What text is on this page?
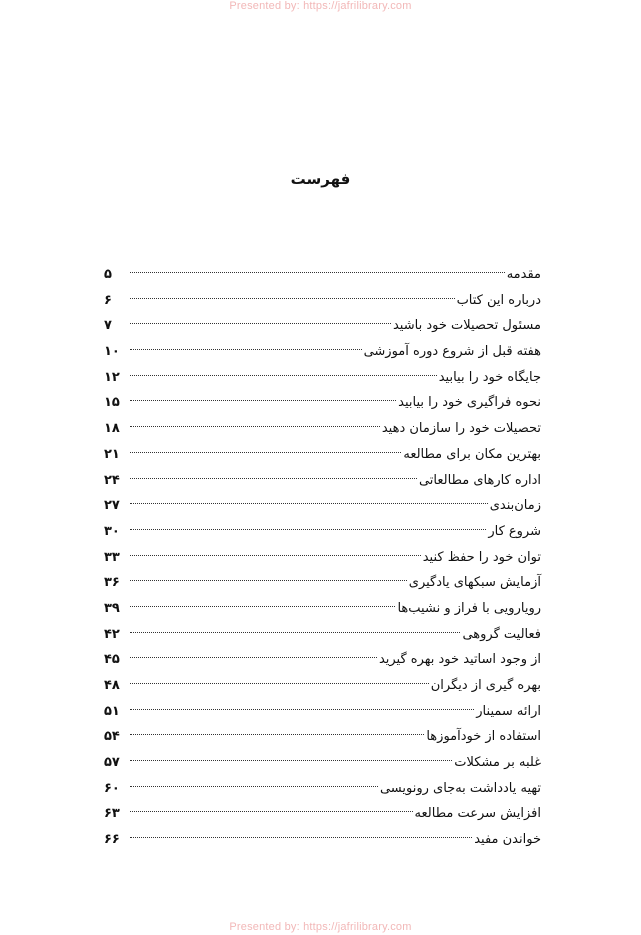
Presented by: https://jafrilibrary.com
فهرست
مقدمه
۵
درباره این کتاب
۶
مسئول تحصیلات خود باشید
۷
هفته قبل از شروع دوره آموزشی
۱۰
جایگاه خود را بیابید
۱۲
نحوه فراگیری خود را بیابید
۱۵
تحصیلات خود را سازمان دهید
۱۸
بهترین مکان برای مطالعه
۲۱
اداره کارهای مطالعاتی
۲۴
زمان‌بندی
۲۷
شروع کار
۳۰
توان خود را حفظ کنید
۳۳
آزمایش سبکهای یادگیری
۳۶
رویارویی با فراز و نشیب‌ها
۳۹
فعالیت گروهی
۴۲
از وجود اساتید خود بهره گیرید
۴۵
بهره گیری از دیگران
۴۸
ارائه سمینار
۵۱
استفاده از خودآموزها
۵۴
غلبه بر مشکلات
۵۷
تهیه یادداشت به‌جای رونویسی
۶۰
افزایش سرعت مطالعه
۶۳
خواندن مفید
۶۶
Presented by: https://jafrilibrary.com
